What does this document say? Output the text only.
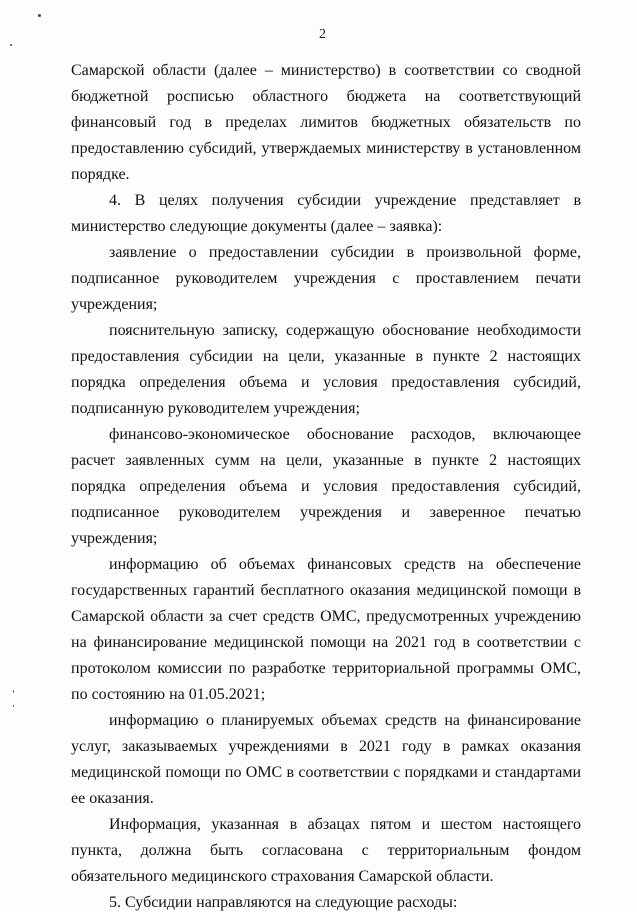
2

Самарской области (далее – министерство) в соответствии со сводной бюджетной росписью областного бюджета на соответствующий финансовый год в пределах лимитов бюджетных обязательств по предоставлению субсидий, утверждаемых министерству в установленном порядке.

4. В целях получения субсидии учреждение представляет в министерство следующие документы (далее – заявка):

заявление о предоставлении субсидии в произвольной форме, подписанное руководителем учреждения с проставлением печати учреждения;

пояснительную записку, содержащую обоснование необходимости предоставления субсидии на цели, указанные в пункте 2 настоящих порядка определения объема и условия предоставления субсидий, подписанную руководителем учреждения;

финансово-экономическое обоснование расходов, включающее расчет заявленных сумм на цели, указанные в пункте 2 настоящих порядка определения объема и условия предоставления субсидий, подписанное руководителем учреждения и заверенное печатью учреждения;

информацию об объемах финансовых средств на обеспечение государственных гарантий бесплатного оказания медицинской помощи в Самарской области за счет средств ОМС, предусмотренных учреждению на финансирование медицинской помощи на 2021 год в соответствии с протоколом комиссии по разработке территориальной программы ОМС, по состоянию на 01.05.2021;

информацию о планируемых объемах средств на финансирование услуг, заказываемых учреждениями в 2021 году в рамках оказания медицинской помощи по ОМС в соответствии с порядками и стандартами ее оказания.

Информация, указанная в абзацах пятом и шестом настоящего пункта, должна быть согласована с территориальным фондом обязательного медицинского страхования Самарской области.

5. Субсидии направляются на следующие расходы:
